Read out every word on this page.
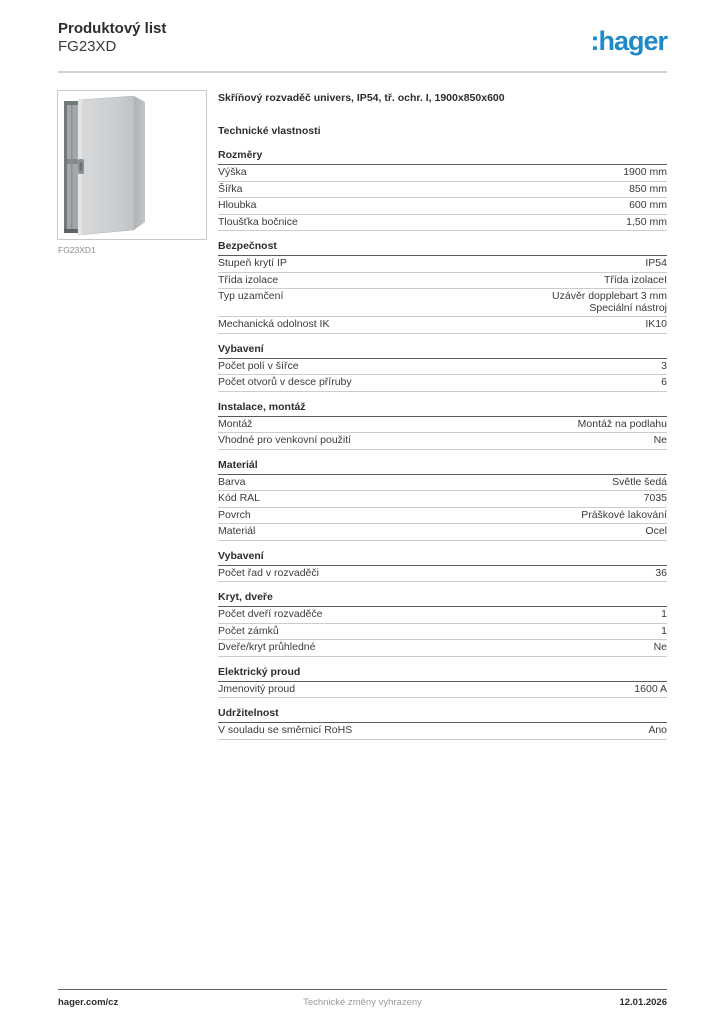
Produktový list
FG23XD	:hager
FG23XD1
Skříňový rozvaděč univers, IP54, tř. ochr. I, 1900x850x600
Technické vlastnosti
Rozměry
Výška	1900 mm
Šířka	850 mm
Hloubka	600 mm
Tloušťka bočnice	1,50 mm
Bezpečnost
Stupeň krytí IP	IP54
Třída izolace	Třída izolaceI
Typ uzamčení	Uzávěr dopplebart 3 mm
Speciální nástroj
Mechanická odolnost IK	IK10
Vybavení
Počet polí v šířce	3
Počet otvorů v desce příruby	6
Instalace, montáž
Montáž	Montáž na podlahu
Vhodné pro venkovní použití	Ne
Materiál
Barva	Světle šedá
Kód RAL	7035
Povrch	Práškové lakování
Materiál	Ocel
Vybavení
Počet řad v rozvaděči	36
Kryt, dveře
Počet dveří rozvaděče	1
Počet zámků	1
Dveře/kryt průhledné	Ne
Elektrický proud
Jmenovitý proud	1600 A
Udržitelnost
V souladu se směrnicí RoHS	Ano
hager.com/cz	Technické změny vyhrazeny	12.01.2026
